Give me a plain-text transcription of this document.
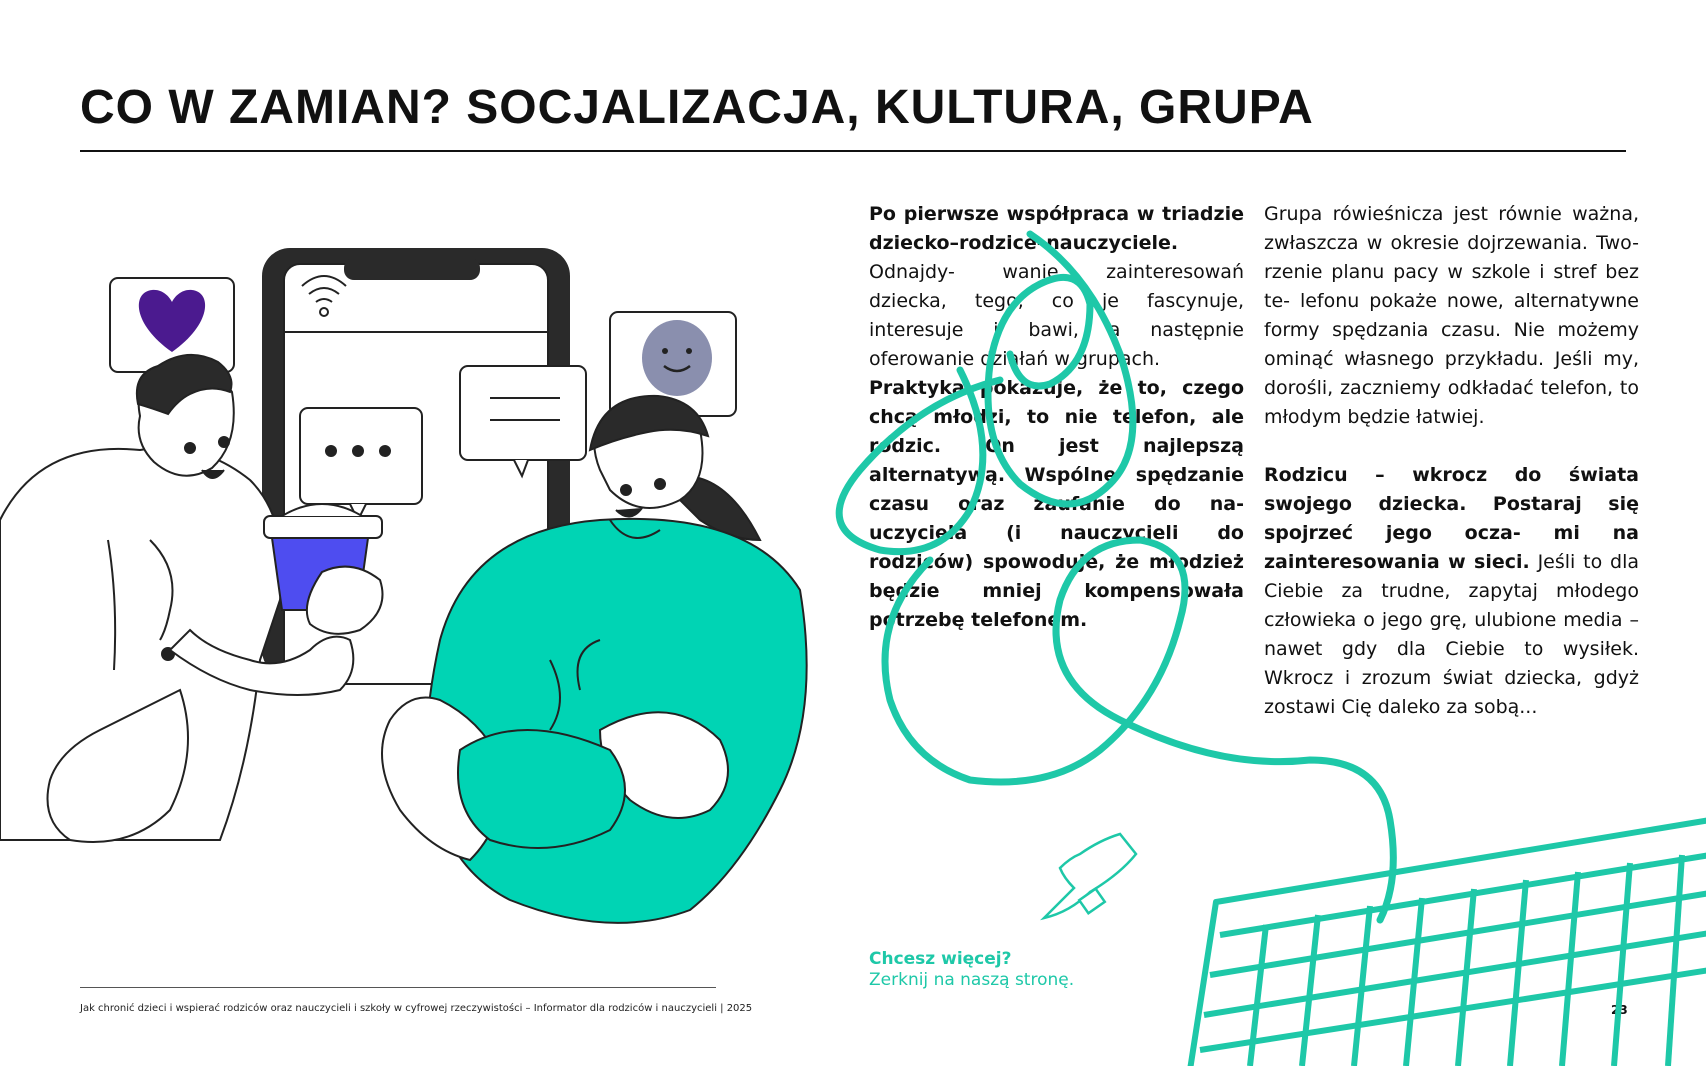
CO W ZAMIAN? SOCJALIZACJA, KULTURA, GRUPA

Po pierwsze współpraca w triadzie dziecko–rodzice–nauczyciele. Odnajdy- wanie zainteresowań dziecka, tego, co je fascynuje, interesuje i bawi, a następnie oferowanie działań w grupach.

Praktyka pokazuje, że to, czego chcą młodzi, to nie telefon, ale rodzic. On jest najlepszą alternatywą. Wspólne spędzanie czasu oraz zaufanie do na- uczyciela (i nauczycieli do rodziców) spowoduje, że młodzież będzie mniej kompensowała potrzebę telefonem.

Grupa rówieśnicza jest równie ważna, zwłaszcza w okresie dojrzewania. Two- rzenie planu pacy w szkole i stref bez te- lefonu pokaże nowe, alternatywne formy spędzania czasu. Nie możemy ominąć własnego przykładu. Jeśli my, dorośli, zaczniemy odkładać telefon, to młodym będzie łatwiej.

Rodzicu – wkrocz do świata swojego dziecka. Postaraj się spojrzeć jego ocza- mi na zainteresowania w sieci. Jeśli to dla Ciebie za trudne, zapytaj młodego człowieka o jego grę, ulubione media – nawet gdy dla Ciebie to wysiłek. Wkrocz i zrozum świat dziecka, gdyż zostawi Cię daleko za sobą...

Chcesz więcej?
Zerknij na naszą stronę.
Jak chronić dzieci i wspierać rodziców oraz nauczycieli i szkoły w cyfrowej rzeczywistości – Informator dla rodziców i nauczycieli | 2025	23
